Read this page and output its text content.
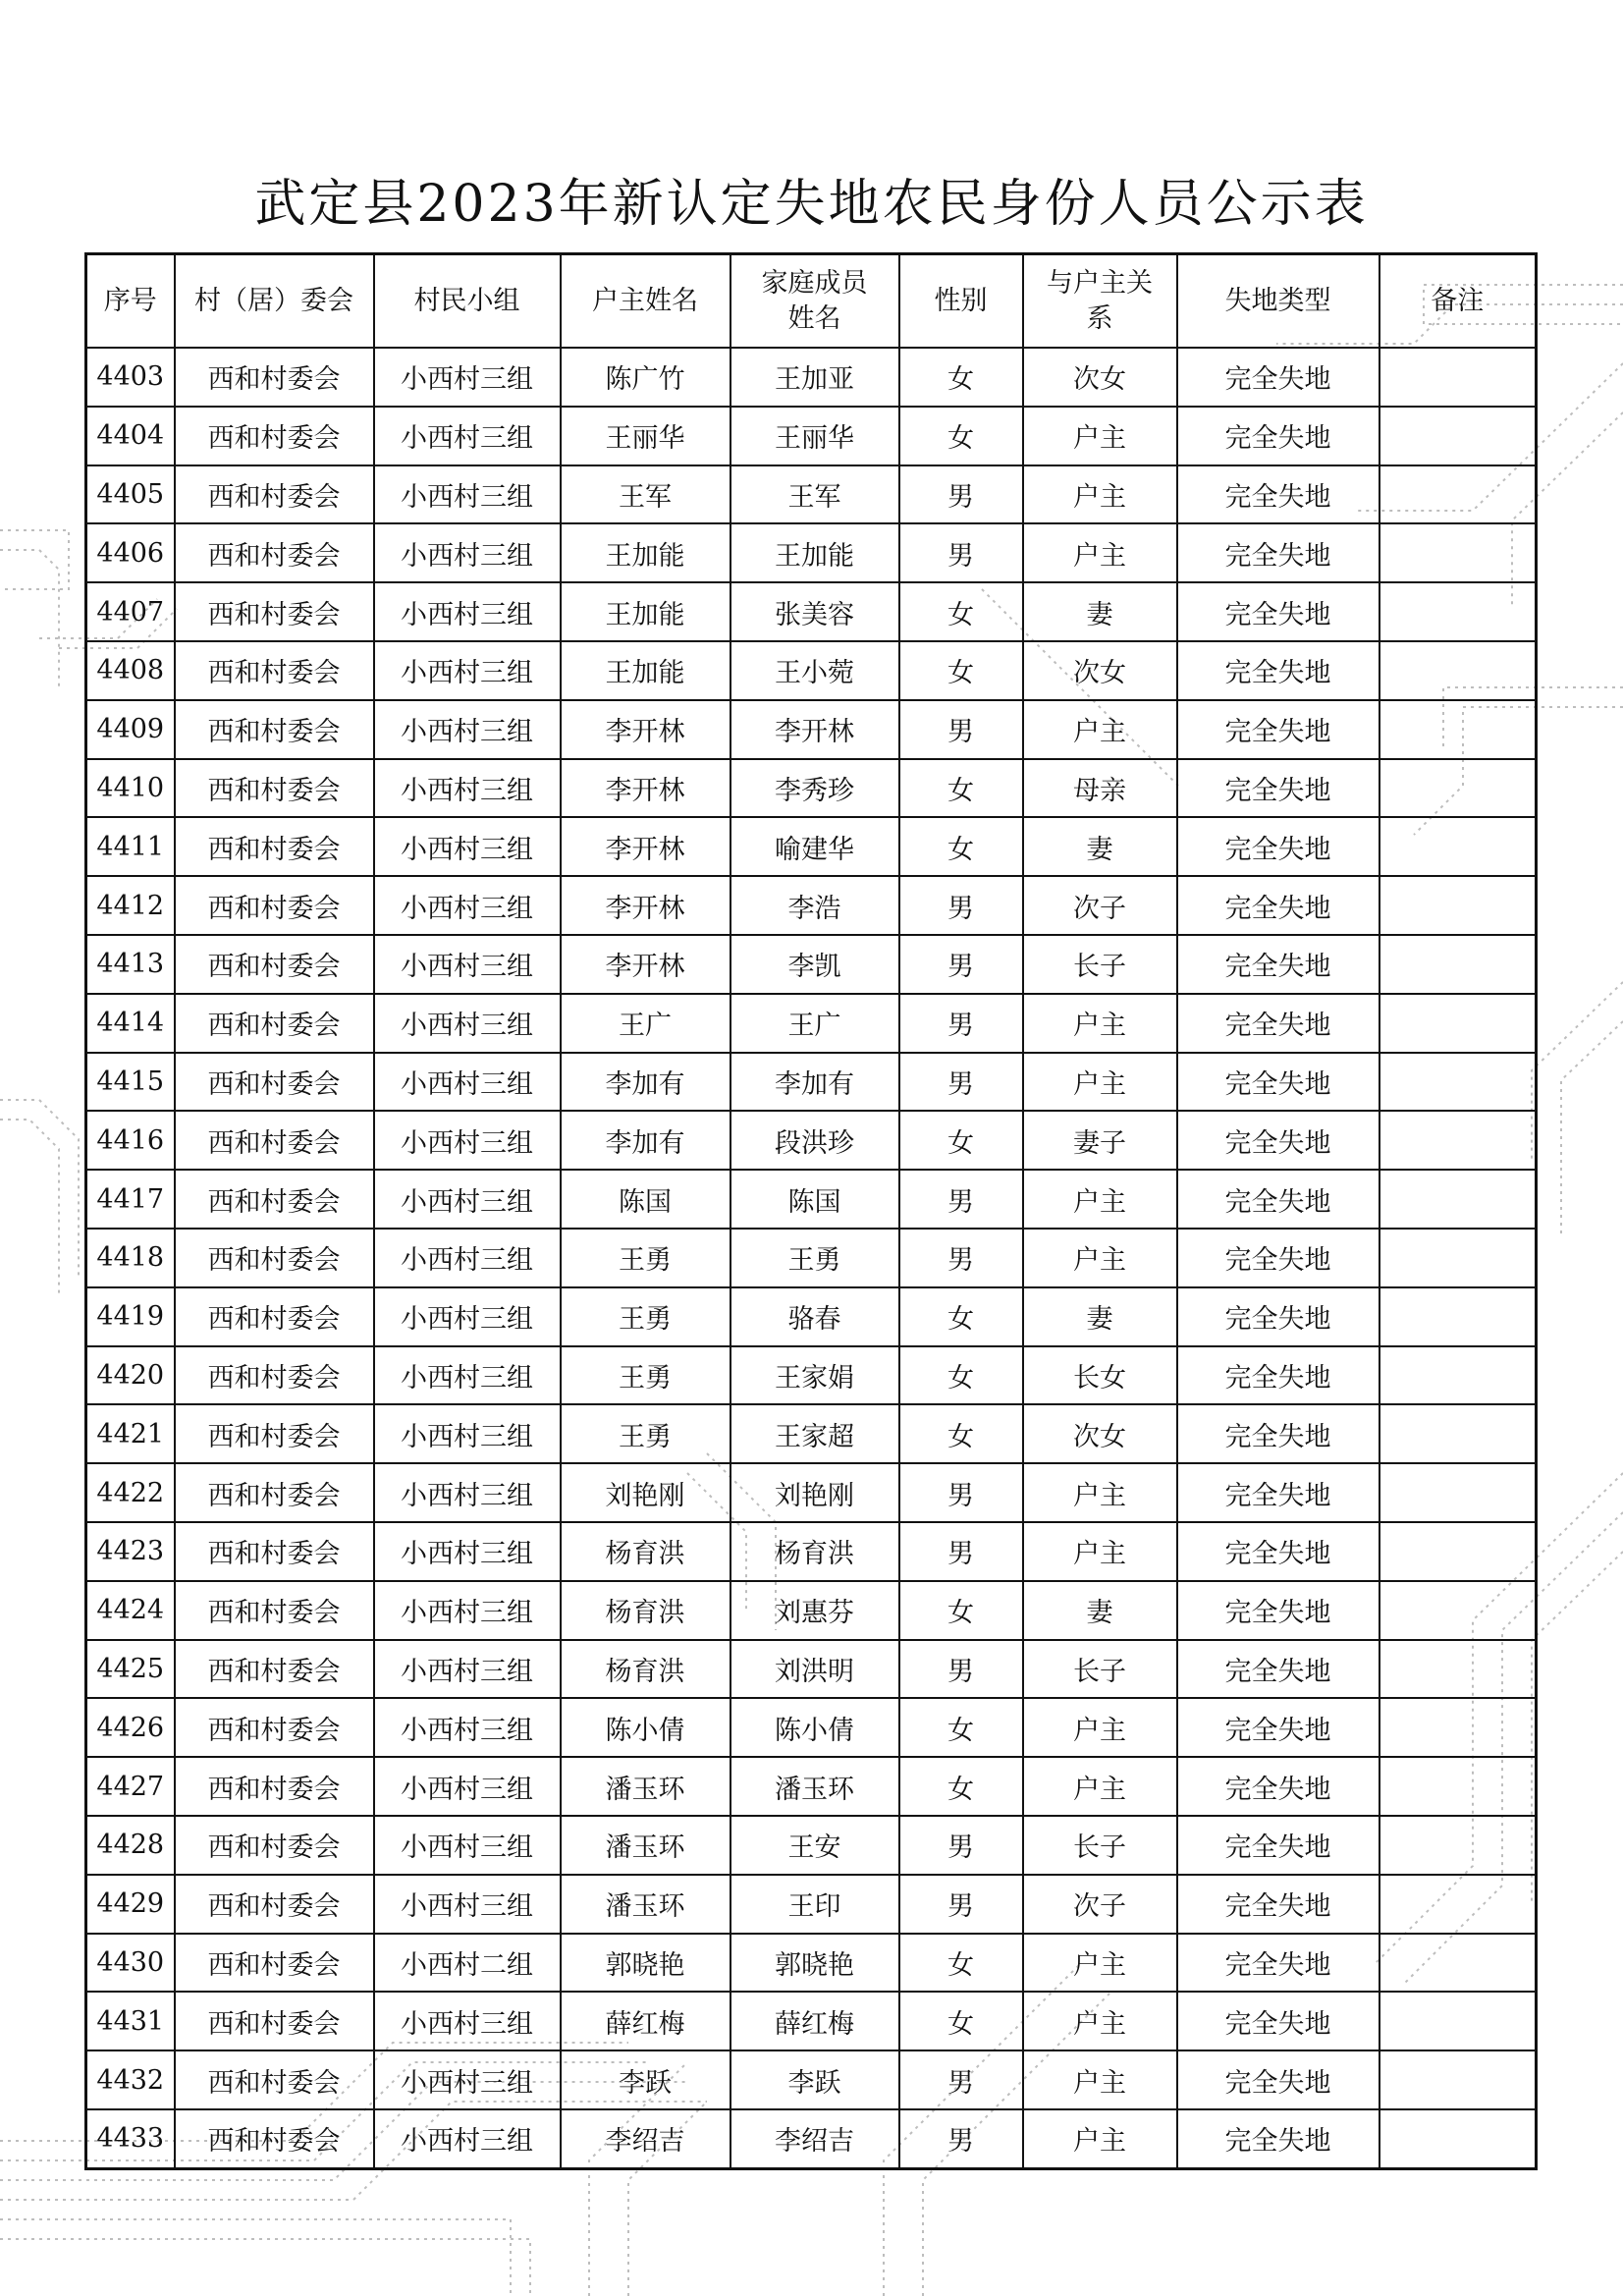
武定县2023年新认定失地农民身份人员公示表
序号	村（居）委会	村民小组	户主姓名	家庭成员姓名	性别	与户主关系	失地类型	备注
4403	西和村委会	小西村三组	陈广竹	王加亚	女	次女	完全失地	
4404	西和村委会	小西村三组	王丽华	王丽华	女	户主	完全失地	
4405	西和村委会	小西村三组	王军	王军	男	户主	完全失地	
4406	西和村委会	小西村三组	王加能	王加能	男	户主	完全失地	
4407	西和村委会	小西村三组	王加能	张美容	女	妻	完全失地	
4408	西和村委会	小西村三组	王加能	王小菀	女	次女	完全失地	
4409	西和村委会	小西村三组	李开林	李开林	男	户主	完全失地	
4410	西和村委会	小西村三组	李开林	李秀珍	女	母亲	完全失地	
4411	西和村委会	小西村三组	李开林	喻建华	女	妻	完全失地	
4412	西和村委会	小西村三组	李开林	李浩	男	次子	完全失地	
4413	西和村委会	小西村三组	李开林	李凯	男	长子	完全失地	
4414	西和村委会	小西村三组	王广	王广	男	户主	完全失地	
4415	西和村委会	小西村三组	李加有	李加有	男	户主	完全失地	
4416	西和村委会	小西村三组	李加有	段洪珍	女	妻子	完全失地	
4417	西和村委会	小西村三组	陈国	陈国	男	户主	完全失地	
4418	西和村委会	小西村三组	王勇	王勇	男	户主	完全失地	
4419	西和村委会	小西村三组	王勇	骆春	女	妻	完全失地	
4420	西和村委会	小西村三组	王勇	王家娟	女	长女	完全失地	
4421	西和村委会	小西村三组	王勇	王家超	女	次女	完全失地	
4422	西和村委会	小西村三组	刘艳刚	刘艳刚	男	户主	完全失地	
4423	西和村委会	小西村三组	杨育洪	杨育洪	男	户主	完全失地	
4424	西和村委会	小西村三组	杨育洪	刘惠芬	女	妻	完全失地	
4425	西和村委会	小西村三组	杨育洪	刘洪明	男	长子	完全失地	
4426	西和村委会	小西村三组	陈小倩	陈小倩	女	户主	完全失地	
4427	西和村委会	小西村三组	潘玉环	潘玉环	女	户主	完全失地	
4428	西和村委会	小西村三组	潘玉环	王安	男	长子	完全失地	
4429	西和村委会	小西村三组	潘玉环	王印	男	次子	完全失地	
4430	西和村委会	小西村二组	郭晓艳	郭晓艳	女	户主	完全失地	
4431	西和村委会	小西村三组	薛红梅	薛红梅	女	户主	完全失地	
4432	西和村委会	小西村三组	李跃	李跃	男	户主	完全失地	
4433	西和村委会	小西村三组	李绍吉	李绍吉	男	户主	完全失地	
